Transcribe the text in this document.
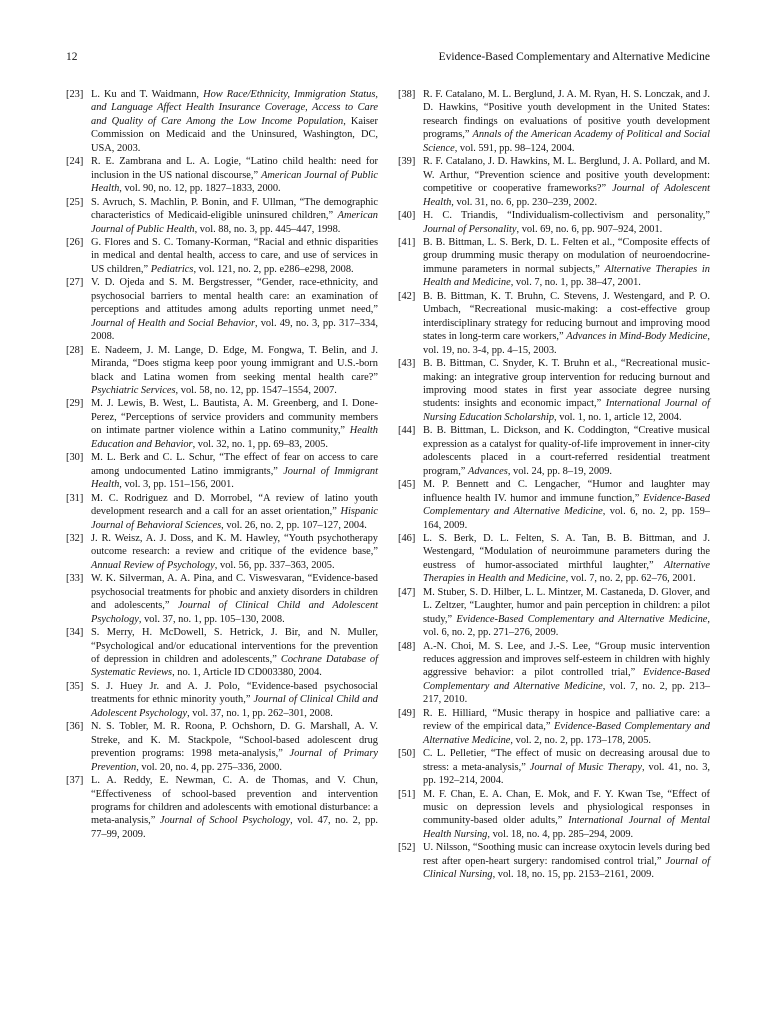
12	Evidence-Based Complementary and Alternative Medicine

[23] L. Ku and T. Waidmann, How Race/Ethnicity, Immigration Status, and Language Affect Health Insurance Coverage, Access to Care and Quality of Care Among the Low Income Population, Kaiser Commission on Medicaid and the Uninsured, Washington, DC, USA, 2003.

[24] R. E. Zambrana and L. A. Logie, “Latino child health: need for inclusion in the US national discourse,” American Journal of Public Health, vol. 90, no. 12, pp. 1827–1833, 2000.

[25] S. Avruch, S. Machlin, P. Bonin, and F. Ullman, “The demographic characteristics of Medicaid-eligible uninsured children,” American Journal of Public Health, vol. 88, no. 3, pp. 445–447, 1998.

[26] G. Flores and S. C. Tomany-Korman, “Racial and ethnic disparities in medical and dental health, access to care, and use of services in US children,” Pediatrics, vol. 121, no. 2, pp. e286–e298, 2008.

[27] V. D. Ojeda and S. M. Bergstresser, “Gender, race-ethnicity, and psychosocial barriers to mental health care: an examination of perceptions and attitudes among adults reporting unmet need,” Journal of Health and Social Behavior, vol. 49, no. 3, pp. 317–334, 2008.

[28] E. Nadeem, J. M. Lange, D. Edge, M. Fongwa, T. Belin, and J. Miranda, “Does stigma keep poor young immigrant and U.S.-born black and Latina women from seeking mental health care?” Psychiatric Services, vol. 58, no. 12, pp. 1547–1554, 2007.

[29] M. J. Lewis, B. West, L. Bautista, A. M. Greenberg, and I. Done-Perez, “Perceptions of service providers and community members on intimate partner violence within a Latino community,” Health Education and Behavior, vol. 32, no. 1, pp. 69–83, 2005.

[30] M. L. Berk and C. L. Schur, “The effect of fear on access to care among undocumented Latino immigrants,” Journal of Immigrant Health, vol. 3, pp. 151–156, 2001.

[31] M. C. Rodriguez and D. Morrobel, “A review of latino youth development research and a call for an asset orientation,” Hispanic Journal of Behavioral Sciences, vol. 26, no. 2, pp. 107–127, 2004.

[32] J. R. Weisz, A. J. Doss, and K. M. Hawley, “Youth psychotherapy outcome research: a review and critique of the evidence base,” Annual Review of Psychology, vol. 56, pp. 337–363, 2005.

[33] W. K. Silverman, A. A. Pina, and C. Viswesvaran, “Evidence-based psychosocial treatments for phobic and anxiety disorders in children and adolescents,” Journal of Clinical Child and Adolescent Psychology, vol. 37, no. 1, pp. 105–130, 2008.

[34] S. Merry, H. McDowell, S. Hetrick, J. Bir, and N. Muller, “Psychological and/or educational interventions for the prevention of depression in children and adolescents,” Cochrane Database of Systematic Reviews, no. 1, Article ID CD003380, 2004.

[35] S. J. Huey Jr. and A. J. Polo, “Evidence-based psychosocial treatments for ethnic minority youth,” Journal of Clinical Child and Adolescent Psychology, vol. 37, no. 1, pp. 262–301, 2008.

[36] N. S. Tobler, M. R. Roona, P. Ochshorn, D. G. Marshall, A. V. Streke, and K. M. Stackpole, “School-based adolescent drug prevention programs: 1998 meta-analysis,” Journal of Primary Prevention, vol. 20, no. 4, pp. 275–336, 2000.

[37] L. A. Reddy, E. Newman, C. A. de Thomas, and V. Chun, “Effectiveness of school-based prevention and intervention programs for children and adolescents with emotional disturbance: a meta-analysis,” Journal of School Psychology, vol. 47, no. 2, pp. 77–99, 2009.

[38] R. F. Catalano, M. L. Berglund, J. A. M. Ryan, H. S. Lonczak, and J. D. Hawkins, “Positive youth development in the United States: research findings on evaluations of positive youth development programs,” Annals of the American Academy of Political and Social Science, vol. 591, pp. 98–124, 2004.

[39] R. F. Catalano, J. D. Hawkins, M. L. Berglund, J. A. Pollard, and M. W. Arthur, “Prevention science and positive youth development: competitive or cooperative frameworks?” Journal of Adolescent Health, vol. 31, no. 6, pp. 230–239, 2002.

[40] H. C. Triandis, “Individualism-collectivism and personality,” Journal of Personality, vol. 69, no. 6, pp. 907–924, 2001.

[41] B. B. Bittman, L. S. Berk, D. L. Felten et al., “Composite effects of group drumming music therapy on modulation of neuroendocrine-immune parameters in normal subjects,” Alternative Therapies in Health and Medicine, vol. 7, no. 1, pp. 38–47, 2001.

[42] B. B. Bittman, K. T. Bruhn, C. Stevens, J. Westengard, and P. O. Umbach, “Recreational music-making: a cost-effective group interdisciplinary strategy for reducing burnout and improving mood states in long-term care workers,” Advances in Mind-Body Medicine, vol. 19, no. 3-4, pp. 4–15, 2003.

[43] B. B. Bittman, C. Snyder, K. T. Bruhn et al., “Recreational music-making: an integrative group intervention for reducing burnout and improving mood states in first year associate degree nursing students: insights and economic impact,” International Journal of Nursing Education Scholarship, vol. 1, no. 1, article 12, 2004.

[44] B. B. Bittman, L. Dickson, and K. Coddington, “Creative musical expression as a catalyst for quality-of-life improvement in inner-city adolescents placed in a court-referred residential treatment program,” Advances, vol. 24, pp. 8–19, 2009.

[45] M. P. Bennett and C. Lengacher, “Humor and laughter may influence health IV. humor and immune function,” Evidence-Based Complementary and Alternative Medicine, vol. 6, no. 2, pp. 159–164, 2009.

[46] L. S. Berk, D. L. Felten, S. A. Tan, B. B. Bittman, and J. Westengard, “Modulation of neuroimmune parameters during the eustress of humor-associated mirthful laughter,” Alternative Therapies in Health and Medicine, vol. 7, no. 2, pp. 62–76, 2001.

[47] M. Stuber, S. D. Hilber, L. L. Mintzer, M. Castaneda, D. Glover, and L. Zeltzer, “Laughter, humor and pain perception in children: a pilot study,” Evidence-Based Complementary and Alternative Medicine, vol. 6, no. 2, pp. 271–276, 2009.

[48] A.-N. Choi, M. S. Lee, and J.-S. Lee, “Group music intervention reduces aggression and improves self-esteem in children with highly aggressive behavior: a pilot controlled trial,” Evidence-Based Complementary and Alternative Medicine, vol. 7, no. 2, pp. 213–217, 2010.

[49] R. E. Hilliard, “Music therapy in hospice and palliative care: a review of the empirical data,” Evidence-Based Complementary and Alternative Medicine, vol. 2, no. 2, pp. 173–178, 2005.

[50] C. L. Pelletier, “The effect of music on decreasing arousal due to stress: a meta-analysis,” Journal of Music Therapy, vol. 41, no. 3, pp. 192–214, 2004.

[51] M. F. Chan, E. A. Chan, E. Mok, and F. Y. Kwan Tse, “Effect of music on depression levels and physiological responses in community-based older adults,” International Journal of Mental Health Nursing, vol. 18, no. 4, pp. 285–294, 2009.

[52] U. Nilsson, “Soothing music can increase oxytocin levels during bed rest after open-heart surgery: randomised control trial,” Journal of Clinical Nursing, vol. 18, no. 15, pp. 2153–2161, 2009.
